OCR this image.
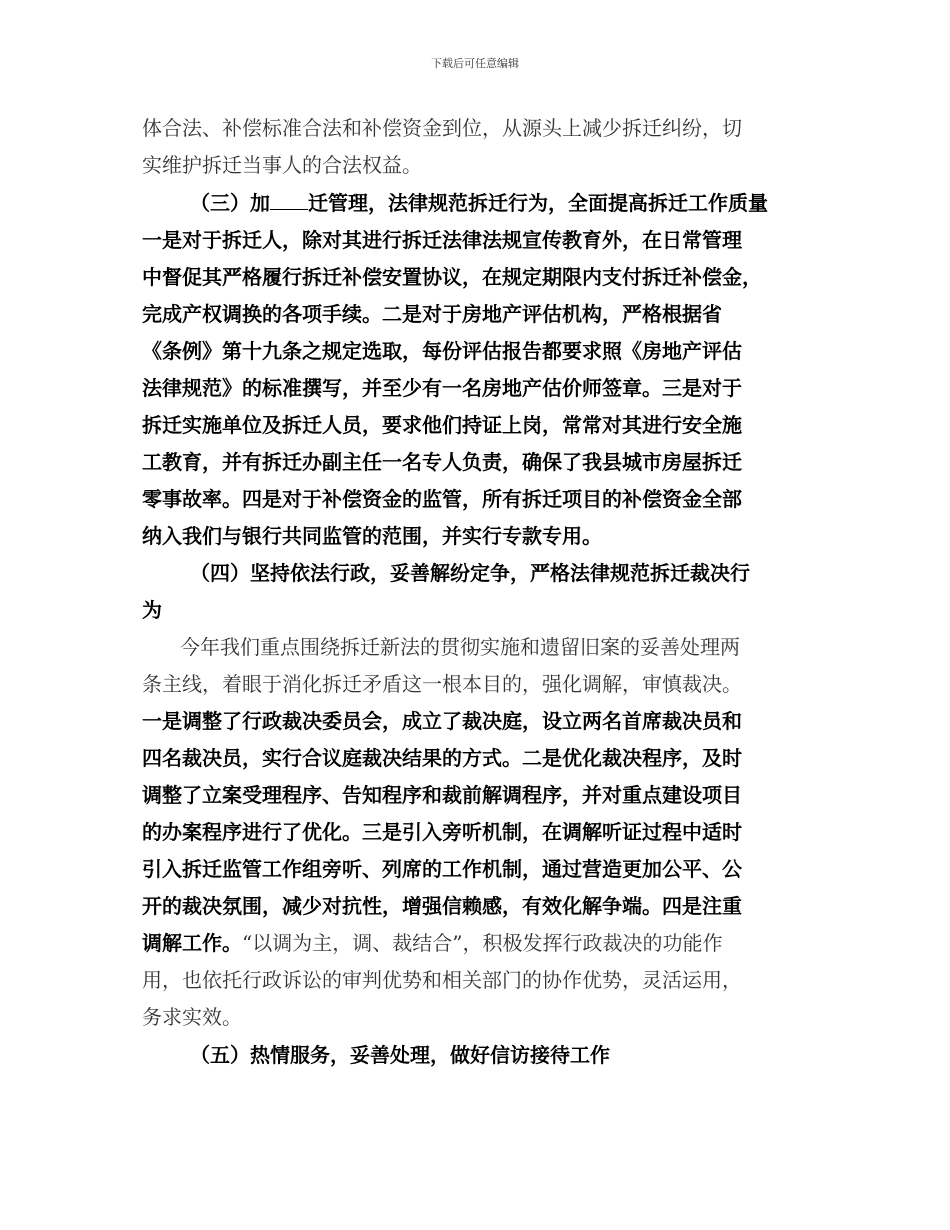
下载后可任意编辑
体合法、补偿标准合法和补偿资金到位，从源头上减少拆迁纠纷，切
实维护拆迁当事人的合法权益。
（三）加 迁管理，法律规范拆迁行为，全面提高拆迁工作质量
一是对于拆迁人，除对其进行拆迁法律法规宣传教育外，在日常管理
中督促其严格履行拆迁补偿安置协议，在规定期限内支付拆迁补偿金，
完成产权调换的各项手续。二是对于房地产评估机构，严格根据省
《条例》第十九条之规定选取，每份评估报告都要求照《房地产评估
法律规范》的标准撰写，并至少有一名房地产估价师签章。三是对于
拆迁实施单位及拆迁人员，要求他们持证上岗，常常对其进行安全施
工教育，并有拆迁办副主任一名专人负责，确保了我县城市房屋拆迁
零事故率。四是对于补偿资金的监管，所有拆迁项目的补偿资金全部
纳入我们与银行共同监管的范围，并实行专款专用。
（四）坚持依法行政，妥善解纷定争，严格法律规范拆迁裁决行
为
今年我们重点围绕拆迁新法的贯彻实施和遗留旧案的妥善处理两
条主线，着眼于消化拆迁矛盾这一根本目的，强化调解，审慎裁决。
一是调整了行政裁决委员会，成立了裁决庭，设立两名首席裁决员和
四名裁决员，实行合议庭裁决结果的方式。二是优化裁决程序，及时
调整了立案受理程序、告知程序和裁前解调程序，并对重点建设项目
的办案程序进行了优化。三是引入旁听机制，在调解听证过程中适时
引入拆迁监管工作组旁听、列席的工作机制，通过营造更加公平、公
开的裁决氛围，减少对抗性，增强信赖感，有效化解争端。四是注重
调解工作。“以调为主，调、裁结合”，积极发挥行政裁决的功能作
用，也依托行政诉讼的审判优势和相关部门的协作优势，灵活运用，
务求实效。
（五）热情服务，妥善处理，做好信访接待工作
